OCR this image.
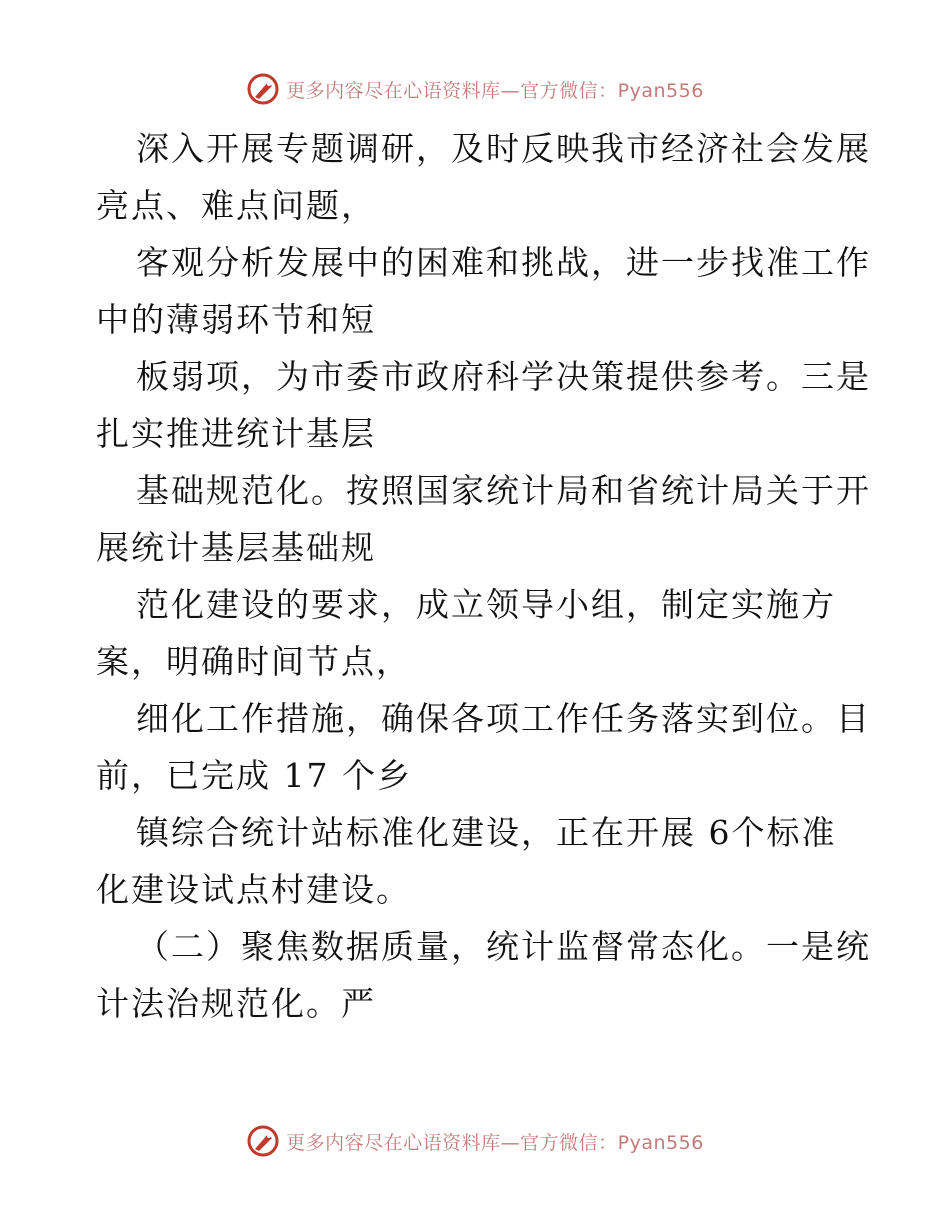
更多内容尽在心语资料库—官方微信：Pyan556
深入开展专题调研，及时反映我市经济社会发展
亮点、难点问题，
客观分析发展中的困难和挑战，进一步找准工作
中的薄弱环节和短
板弱项，为市委市政府科学决策提供参考。三是
扎实推进统计基层
基础规范化。按照国家统计局和省统计局关于开
展统计基层基础规
范化建设的要求，成立领导小组，制定实施方
案，明确时间节点，
细化工作措施，确保各项工作任务落实到位。目
前，已完成 17 个乡
镇综合统计站标准化建设，正在开展 6个标准
化建设试点村建设。
（二）聚焦数据质量，统计监督常态化。一是统
计法治规范化。严
更多内容尽在心语资料库—官方微信：Pyan556
